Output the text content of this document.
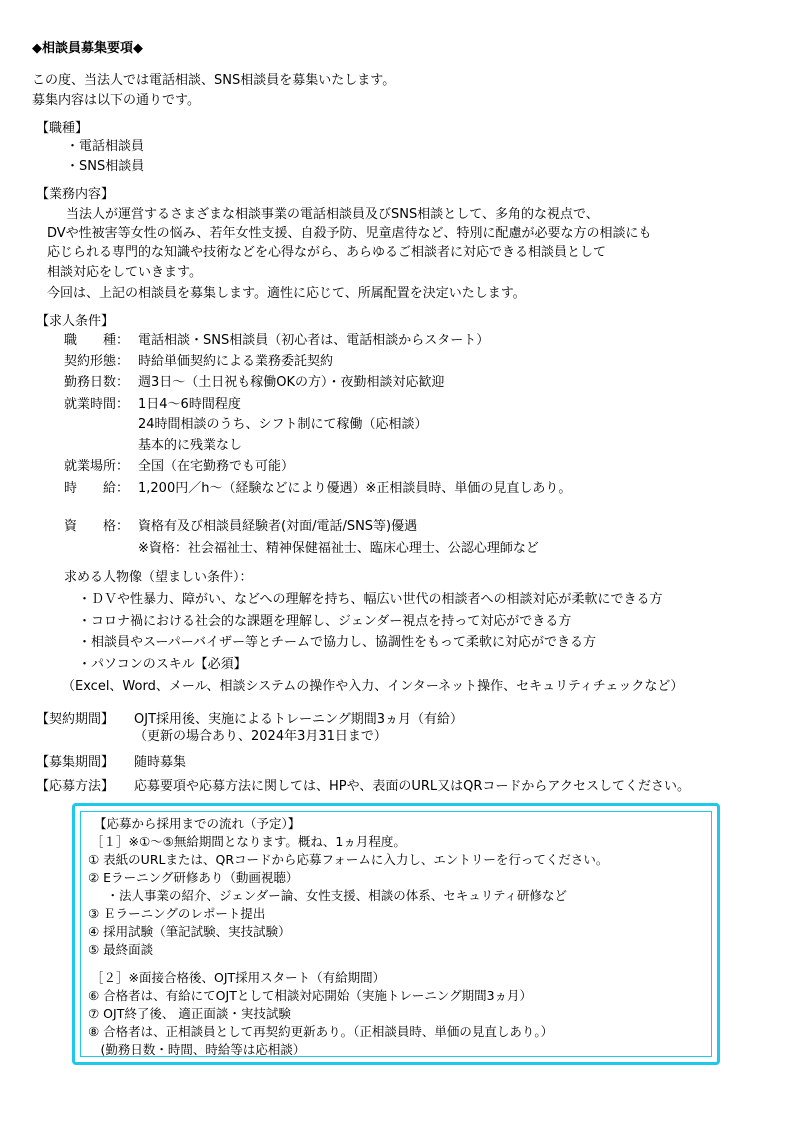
◆相談員募集要項◆
この度、当法人では電話相談、SNS相談員を募集いたします。
募集内容は以下の通りです。
【職種】
・電話相談員
・SNS相談員
【業務内容】
当法人が運営するさまざまな相談事業の電話相談員及びSNS相談として、多角的な視点で、
DVや性被害等女性の悩み、若年女性支援、自殺予防、児童虐待など、特別に配慮が必要な方の相談にも
応じられる専門的な知識や技術などを心得ながら、あらゆるご相談者に対応できる相談員として
相談対応をしていきます。
今回は、上記の相談員を募集します。適性に応じて、所属配置を決定いたします。
【求人条件】
職　　種： 電話相談・SNS相談員（初心者は、電話相談からスタート）
契約形態： 時給単価契約による業務委託契約
勤務日数： 週3日～（土日祝も稼働OKの方）・夜勤相談対応歓迎
就業時間： 1日4～6時間程度
24時間相談のうち、シフト制にて稼働（応相談）
基本的に残業なし
就業場所： 全国（在宅勤務でも可能）
時　　給： 1,200円／h～（経験などにより優遇）※正相談員時、単価の見直しあり。
資　　格： 資格有及び相談員経験者(対面/電話/SNS等)優遇
※資格：社会福祉士、精神保健福祉士、臨床心理士、公認心理師など
求める人物像（望ましい条件）：
・ＤＶや性暴力、障がい、などへの理解を持ち、幅広い世代の相談者への相談対応が柔軟にできる方
・コロナ禍における社会的な課題を理解し、ジェンダー視点を持って対応ができる方
・相談員やスーパーバイザー等とチームで協力し、協調性をもって柔軟に対応ができる方
・パソコンのスキル【必須】
（Excel、Word、メール、相談システムの操作や入力、インターネット操作、セキュリティチェックなど）
【契約期間】 OJT採用後、実施によるトレーニング期間3ヵ月（有給）
（更新の場合あり、2024年3月31日まで）
【募集期間】 随時募集
【応募方法】 応募要項や応募方法に関しては、HPや、表面のURL又はQRコードからアクセスしてください。
【応募から採用までの流れ（予定）】
［１］※①～⑤無給期間となります。概ね、1ヵ月程度。
① 表紙のURLまたは、QRコードから応募フォームに入力し、エントリーを行ってください。
② Eラーニング研修あり（動画視聴）
　・法人事業の紹介、ジェンダー論、女性支援、相談の体系、セキュリティ研修など
③ Ｅラーニングのレポート提出
④ 採用試験（筆記試験、実技試験）
⑤ 最終面談
［２］※面接合格後、OJT採用スタート（有給期間）
⑥ 合格者は、有給にてOJTとして相談対応開始（実施トレーニング期間3ヵ月）
⑦ OJT終了後、 適正面談・実技試験
⑧ 合格者は、正相談員として再契約更新あり。（正相談員時、単価の見直しあり。）
　(勤務日数・時間、時給等は応相談）
